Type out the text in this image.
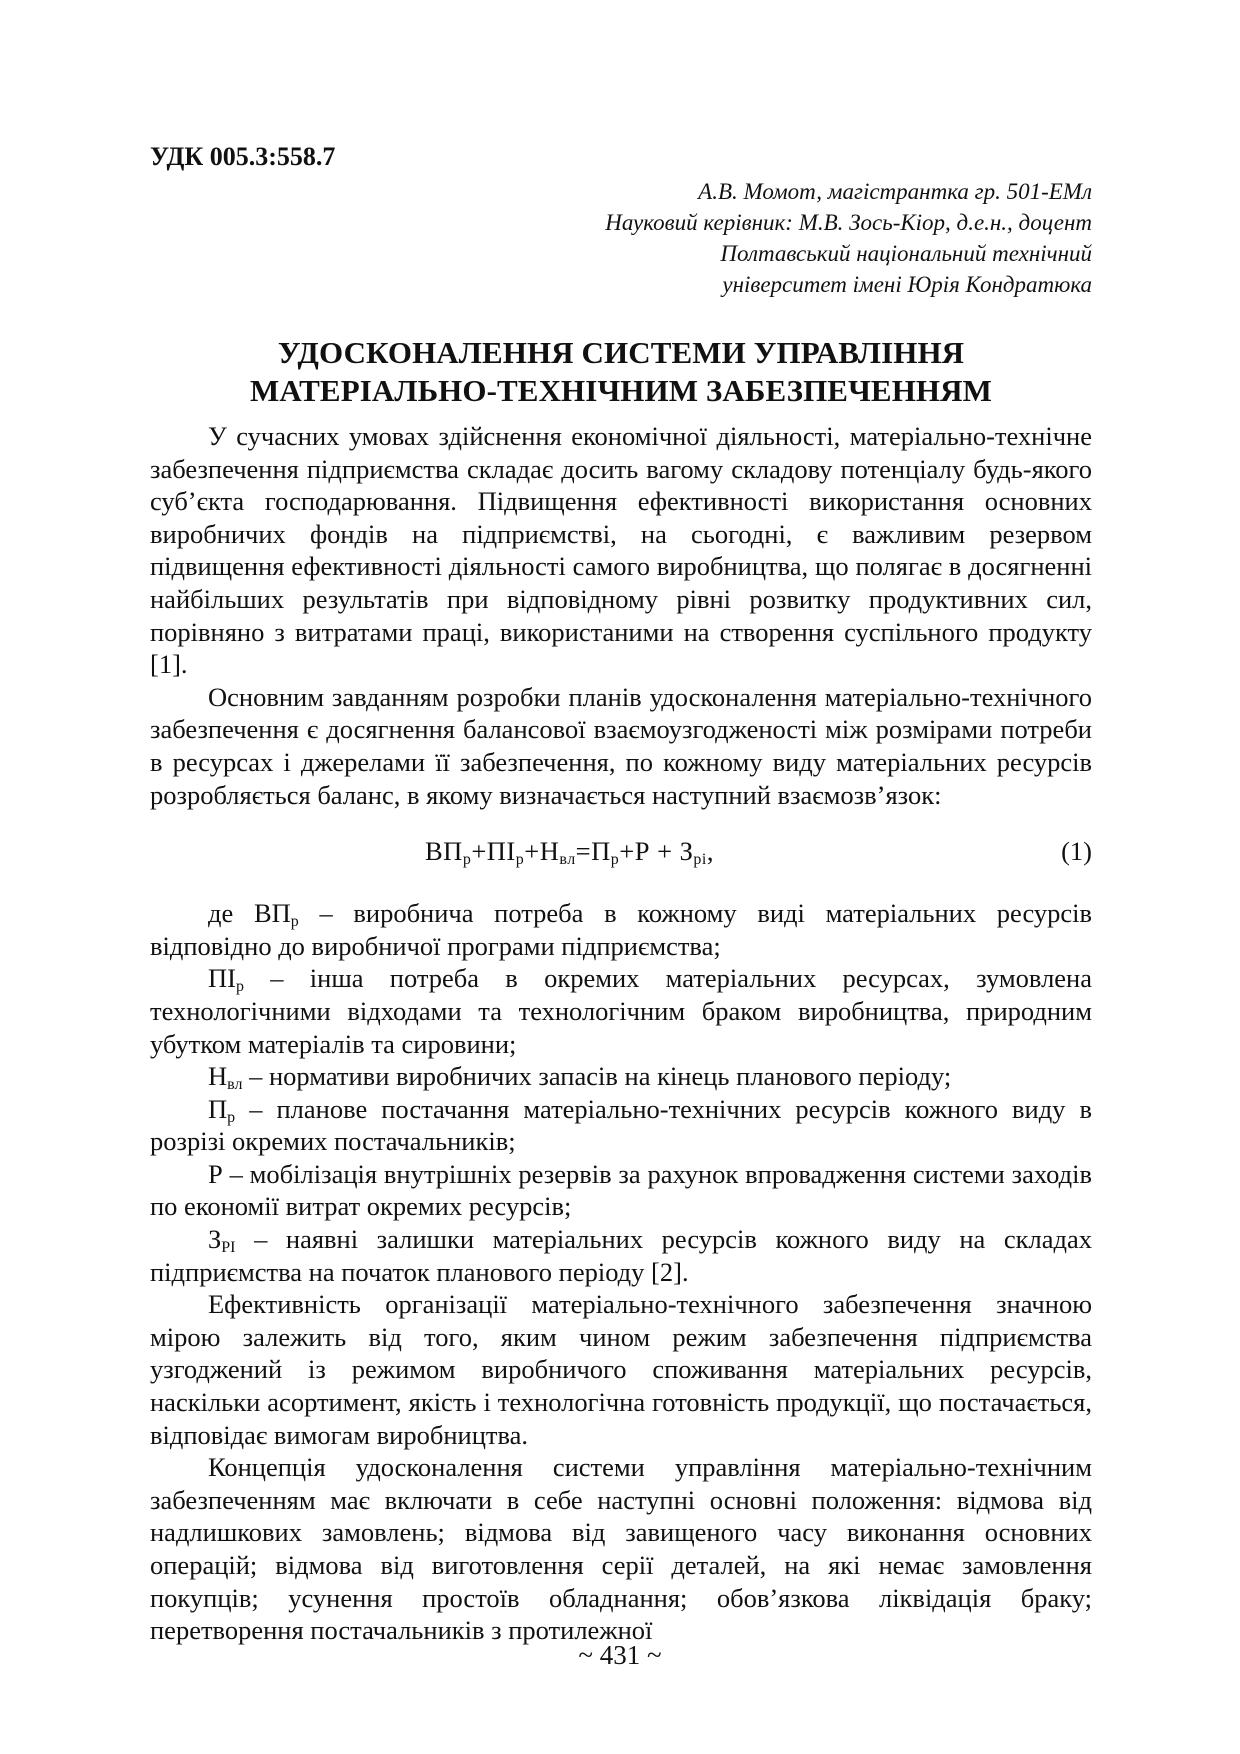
УДК 005.3:558.7
А.В. Момот, магістрантка гр. 501-ЕМл
Науковий керівник: М.В. Зось-Кіор, д.е.н., доцент
Полтавський національний технічний
університет імені Юрія Кондратюка
УДОСКОНАЛЕННЯ СИСТЕМИ УПРАВЛІННЯ
МАТЕРІАЛЬНО-ТЕХНІЧНИМ ЗАБЕЗПЕЧЕННЯМ

У сучасних умовах здійснення економічної діяльності, матеріально-технічне забезпечення підприємства складає досить вагому складову потенціалу будь-якого суб’єкта господарювання. Підвищення ефективності використання основних виробничих фондів на підприємстві, на сьогодні, є важливим резервом підвищення ефективності діяльності самого виробництва, що полягає в досягненні найбільших результатів при відповідному рівні розвитку продуктивних сил, порівняно з витратами праці, використаними на створення суспільного продукту [1].

Основним завданням розробки планів удосконалення матеріально-технічного забезпечення є досягнення балансової взаємоузгодженості між розмірами потреби в ресурсах і джерелами її забезпечення, по кожному виду матеріальних ресурсів розробляється баланс, в якому визначається наступний взаємозв’язок:

$ВП_р+ПІ_р+Н_{вл}=П_р+Р + З_{рі}$,	(1)

де $ВП_р$ – виробнича потреба в кожному виді матеріальних ресурсів відповідно до виробничої програми підприємства;

$ПІ_р$ – інша потреба в окремих матеріальних ресурсах, зумовлена технологічними відходами та технологічним браком виробництва, природним убутком матеріалів та сировини;

$Н_{вл}$ – нормативи виробничих запасів на кінець планового періоду;

$П_р$ – планове постачання матеріально-технічних ресурсів кожного виду в розрізі окремих постачальників;

Р – мобілізація внутрішніх резервів за рахунок впровадження системи заходів по економії витрат окремих ресурсів;

$З_{РІ}$ – наявні залишки матеріальних ресурсів кожного виду на складах підприємства на початок планового періоду [2].

Ефективність організації матеріально-технічного забезпечення значною мірою залежить від того, яким чином режим забезпечення підприємства узгоджений із режимом виробничого споживання матеріальних ресурсів, наскільки асортимент, якість і технологічна готовність продукції, що постачається, відповідає вимогам виробництва.

Концепція удосконалення системи управління матеріально-технічним забезпеченням має включати в себе наступні основні положення: відмова від надлишкових замовлень; відмова від завищеного часу виконання основних операцій; відмова від виготовлення серії деталей, на які немає замовлення покупців; усунення простоїв обладнання; обов’язкова ліквідація браку; перетворення постачальників з протилежної

~ 431 ~
